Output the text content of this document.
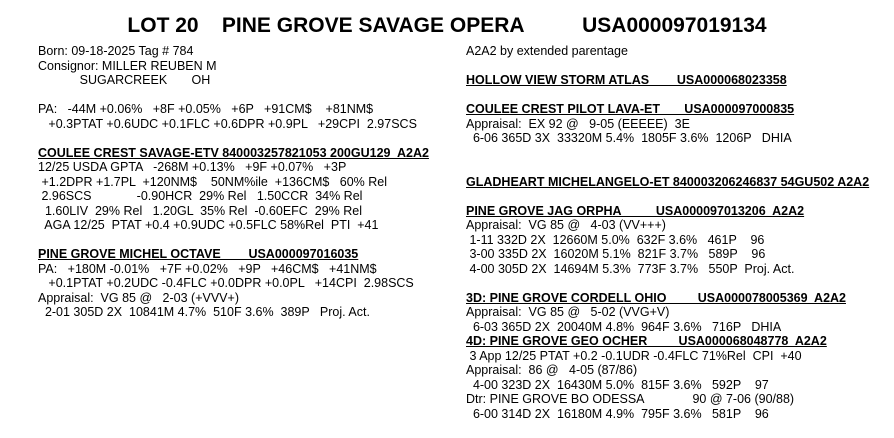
LOT 20    PINE GROVE SAVAGE OPERA          USA000097019134
Born: 09-18-2025 Tag # 784
Consignor: MILLER REUBEN M
SUGARCREEK       OH
PA:   -44M +0.06%   +8F +0.05%   +6P   +91CM$    +81NM$
+0.3PTAT +0.6UDC +0.1FLC +0.6DPR +0.9PL   +29CPI  2.97SCS
COULEE CREST SAVAGE-ETV 840003257821053 200GU129  A2A2
12/25 USDA GPTA   -268M +0.13%   +9F +0.07%   +3P
+1.2DPR +1.7PL  +120NM$    50NM%ile  +136CM$   60% Rel
2.96SCS             -0.90HCR  29% Rel   1.50CCR  34% Rel
1.60LIV  29% Rel   1.20GL  35% Rel  -0.60EFC  29% Rel
AGA 12/25  PTAT +0.4 +0.9UDC +0.5FLC 58%Rel  PTI  +41
PINE GROVE MICHEL OCTAVE        USA000097016035
PA:   +180M -0.01%   +7F +0.02%   +9P   +46CM$   +41NM$
+0.1PTAT +0.2UDC -0.4FLC +0.0DPR +0.0PL   +14CPI  2.98SCS
Appraisal:  VG 85 @   2-03 (+VVV+)
2-01 305D 2X  10841M 4.7%  510F 3.6%  389P   Proj. Act.
A2A2 by extended parentage
HOLLOW VIEW STORM ATLAS        USA000068023358
COULEE CREST PILOT LAVA-ET       USA000097000835
Appraisal:  EX 92 @   9-05 (EEEEE)  3E
6-06 365D 3X  33320M 5.4%  1805F 3.6%  1206P   DHIA
GLADHEART MICHELANGELO-ET 840003206246837 54GU502 A2A2
PINE GROVE JAG ORPHA          USA000097013206  A2A2
Appraisal:  VG 85 @   4-03 (VV+++)
1-11 332D 2X  12660M 5.0%  632F 3.6%   461P    96
3-00 335D 2X  16020M 5.1%  821F 3.7%   589P    96
4-00 305D 2X  14694M 5.3%  773F 3.7%   550P  Proj. Act.
3D: PINE GROVE CORDELL OHIO         USA000078005369  A2A2
Appraisal:  VG 85 @   5-02 (VVG+V)
6-03 365D 2X  20040M 4.8%  964F 3.6%   716P   DHIA
4D: PINE GROVE GEO OCHER         USA000068048778  A2A2
3 App 12/25 PTAT +0.2 -0.1UDR -0.4FLC 71%Rel  CPI  +40
Appraisal:  86 @   4-05 (87/86)
4-00 323D 2X  16430M 5.0%  815F 3.6%   592P    97
Dtr: PINE GROVE BO ODESSA              90 @ 7-06 (90/88)
6-00 314D 2X  16180M 4.9%  795F 3.6%   581P    96
